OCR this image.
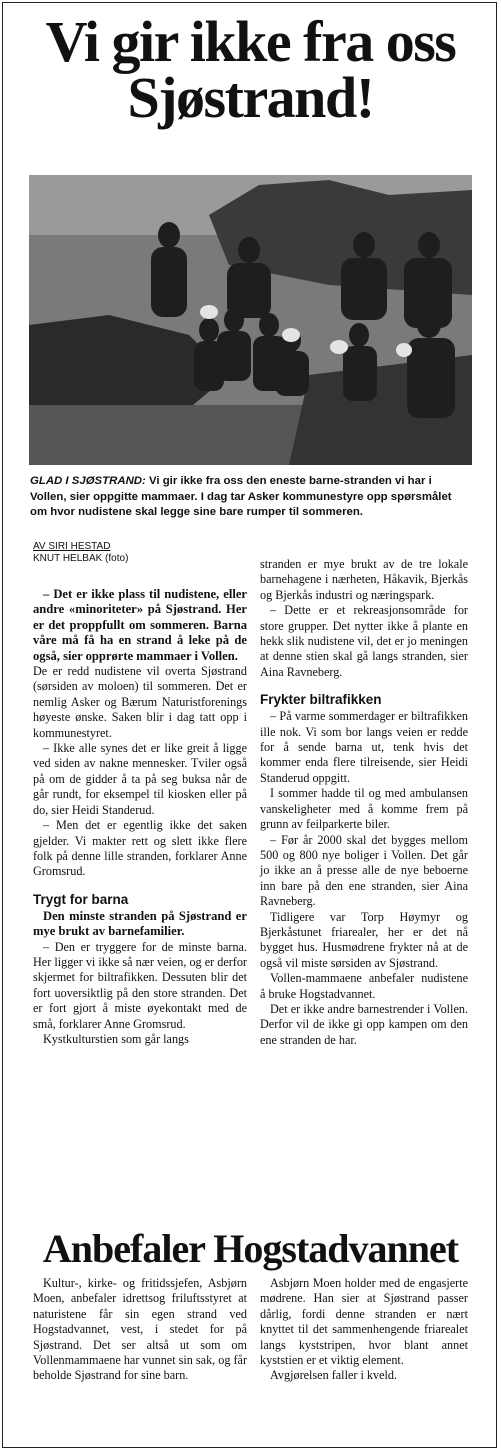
Vi gir ikke fra oss Sjøstrand!
GLAD I SJØSTRAND: Vi gir ikke fra oss den eneste barne-stranden vi har i Vollen, sier oppgitte mammaer. I dag tar Asker kommunestyre opp spørsmålet om hvor nudistene skal legge sine bare rumper til sommeren.
AV SIRI HESTAD
KNUT HELBAK (foto)

– Det er ikke plass til nudistene, eller andre «minoriteter» på Sjøstrand. Her er det proppfullt om sommeren. Barna våre må få ha en strand å leke på de også, sier opprørte mammaer i Vollen.

De er redd nudistene vil overta Sjøstrand (sørsiden av moloen) til sommeren. Det er nemlig Asker og Bærum Naturistforenings høyeste ønske. Saken blir i dag tatt opp i kommunestyret.

– Ikke alle synes det er like greit å ligge ved siden av nakne mennesker. Tviler også på om de gidder å ta på seg buksa når de går rundt, for eksempel til kiosken eller på do, sier Heidi Standerud.

– Men det er egentlig ikke det saken gjelder. Vi makter rett og slett ikke flere folk på denne lille stranden, forklarer Anne Gromsrud.

Trygt for barna

Den minste stranden på Sjøstrand er mye brukt av barnefamilier.

– Den er tryggere for de minste barna. Her ligger vi ikke så nær veien, og er derfor skjermet for biltrafikken. Dessuten blir det fort uoversiktlig på den store stranden. Det er fort gjort å miste øyekontakt med de små, forklarer Anne Gromsrud.

Kystkulturstien som går langs

stranden er mye brukt av de tre lokale barnehagene i nærheten, Håkavik, Bjerkås og Bjerkås industri og næringspark.

– Dette er et rekreasjonsområde for store grupper. Det nytter ikke å plante en hekk slik nudistene vil, det er jo meningen at denne stien skal gå langs stranden, sier Aina Ravneberg.

Frykter biltrafikken

– På varme sommerdager er biltrafikken ille nok. Vi som bor langs veien er redde for å sende barna ut, tenk hvis det kommer enda flere tilreisende, sier Heidi Standerud oppgitt.

I sommer hadde til og med ambulansen vanskeligheter med å komme frem på grunn av feilparkerte biler.

– Før år 2000 skal det bygges mellom 500 og 800 nye boliger i Vollen. Det går jo ikke an å presse alle de nye beboerne inn bare på den ene stranden, sier Aina Ravneberg.

Tidligere var Torp Høymyr og Bjerkåstunet friarealer, her er det nå bygget hus. Husmødrene frykter nå at de også vil miste sørsiden av Sjøstrand.

Vollen-mammaene anbefaler nudistene å bruke Hogstadvannet.

Det er ikke andre barnestrender i Vollen. Derfor vil de ikke gi opp kampen om den ene stranden de har.

Anbefaler Hogstadvannet

Kultur-, kirke- og fritidssjefen, Asbjørn Moen, anbefaler idrettsog friluftsstyret at naturistene får sin egen strand ved Hogstadvannet, vest, i stedet for på Sjøstrand. Det ser altså ut som om Vollenmammaene har vunnet sin sak, og får beholde Sjøstrand for sine barn.

Asbjørn Moen holder med de engasjerte mødrene. Han sier at Sjøstrand passer dårlig, fordi denne stranden er nært knyttet til det sammenhengende friarealet langs kyststripen, hvor blant annet kyststien er et viktig element.

Avgjørelsen faller i kveld.
